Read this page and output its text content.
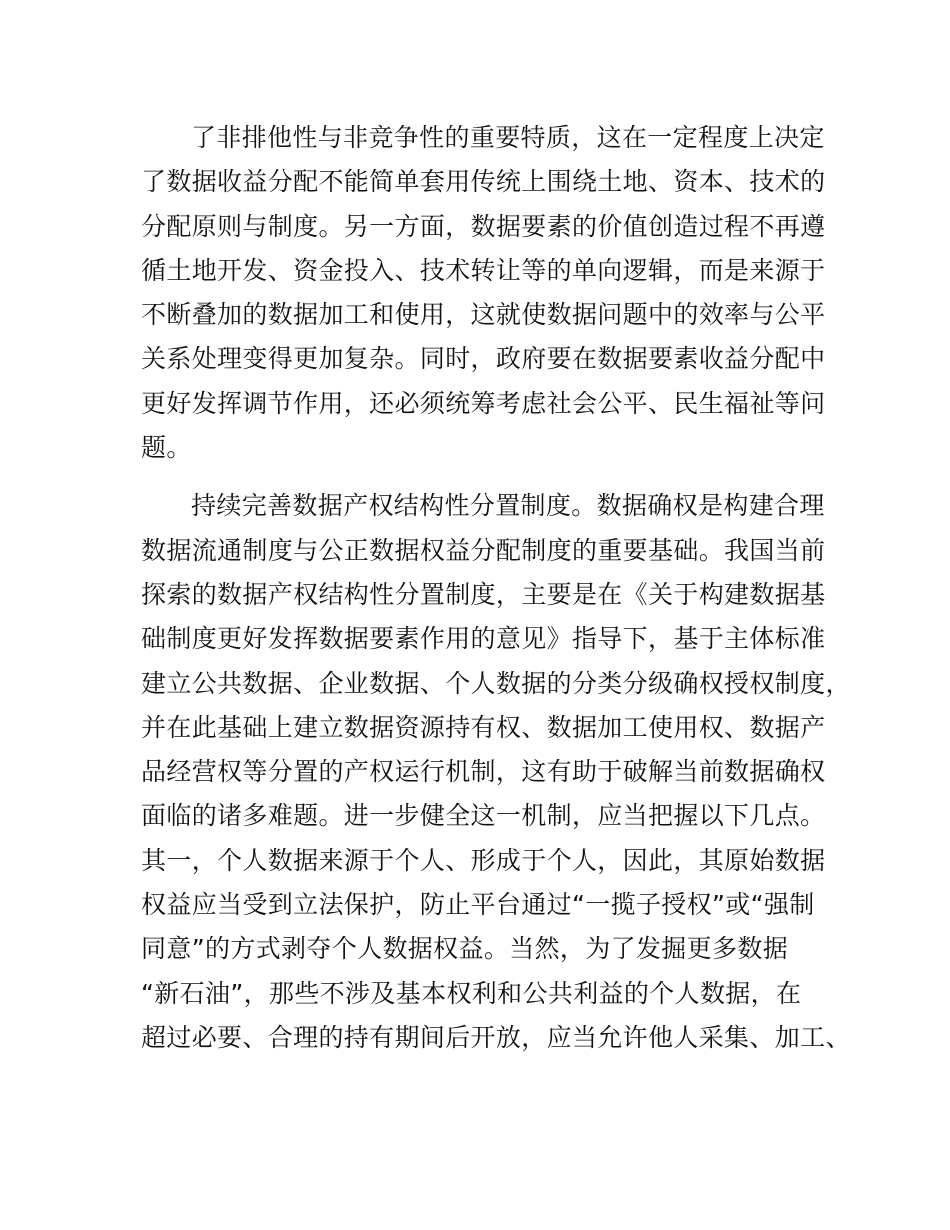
了非排他性与非竞争性的重要特质，这在一定程度上决定
了数据收益分配不能简单套用传统上围绕土地、资本、技术的
分配原则与制度。另一方面，数据要素的价值创造过程不再遵
循土地开发、资金投入、技术转让等的单向逻辑，而是来源于
不断叠加的数据加工和使用，这就使数据问题中的效率与公平
关系处理变得更加复杂。同时，政府要在数据要素收益分配中
更好发挥调节作用，还必须统筹考虑社会公平、民生福祉等问
题。
持续完善数据产权结构性分置制度。数据确权是构建合理
数据流通制度与公正数据权益分配制度的重要基础。我国当前
探索的数据产权结构性分置制度，主要是在《关于构建数据基
础制度更好发挥数据要素作用的意见》指导下，基于主体标准
建立公共数据、企业数据、个人数据的分类分级确权授权制度，
并在此基础上建立数据资源持有权、数据加工使用权、数据产
品经营权等分置的产权运行机制，这有助于破解当前数据确权
面临的诸多难题。进一步健全这一机制，应当把握以下几点。
其一，个人数据来源于个人、形成于个人，因此，其原始数据
权益应当受到立法保护，防止平台通过“一揽子授权”或“强制
同意”的方式剥夺个人数据权益。当然，为了发掘更多数据
“新石油”，那些不涉及基本权利和公共利益的个人数据，在
超过必要、合理的持有期间后开放，应当允许他人采集、加工、
